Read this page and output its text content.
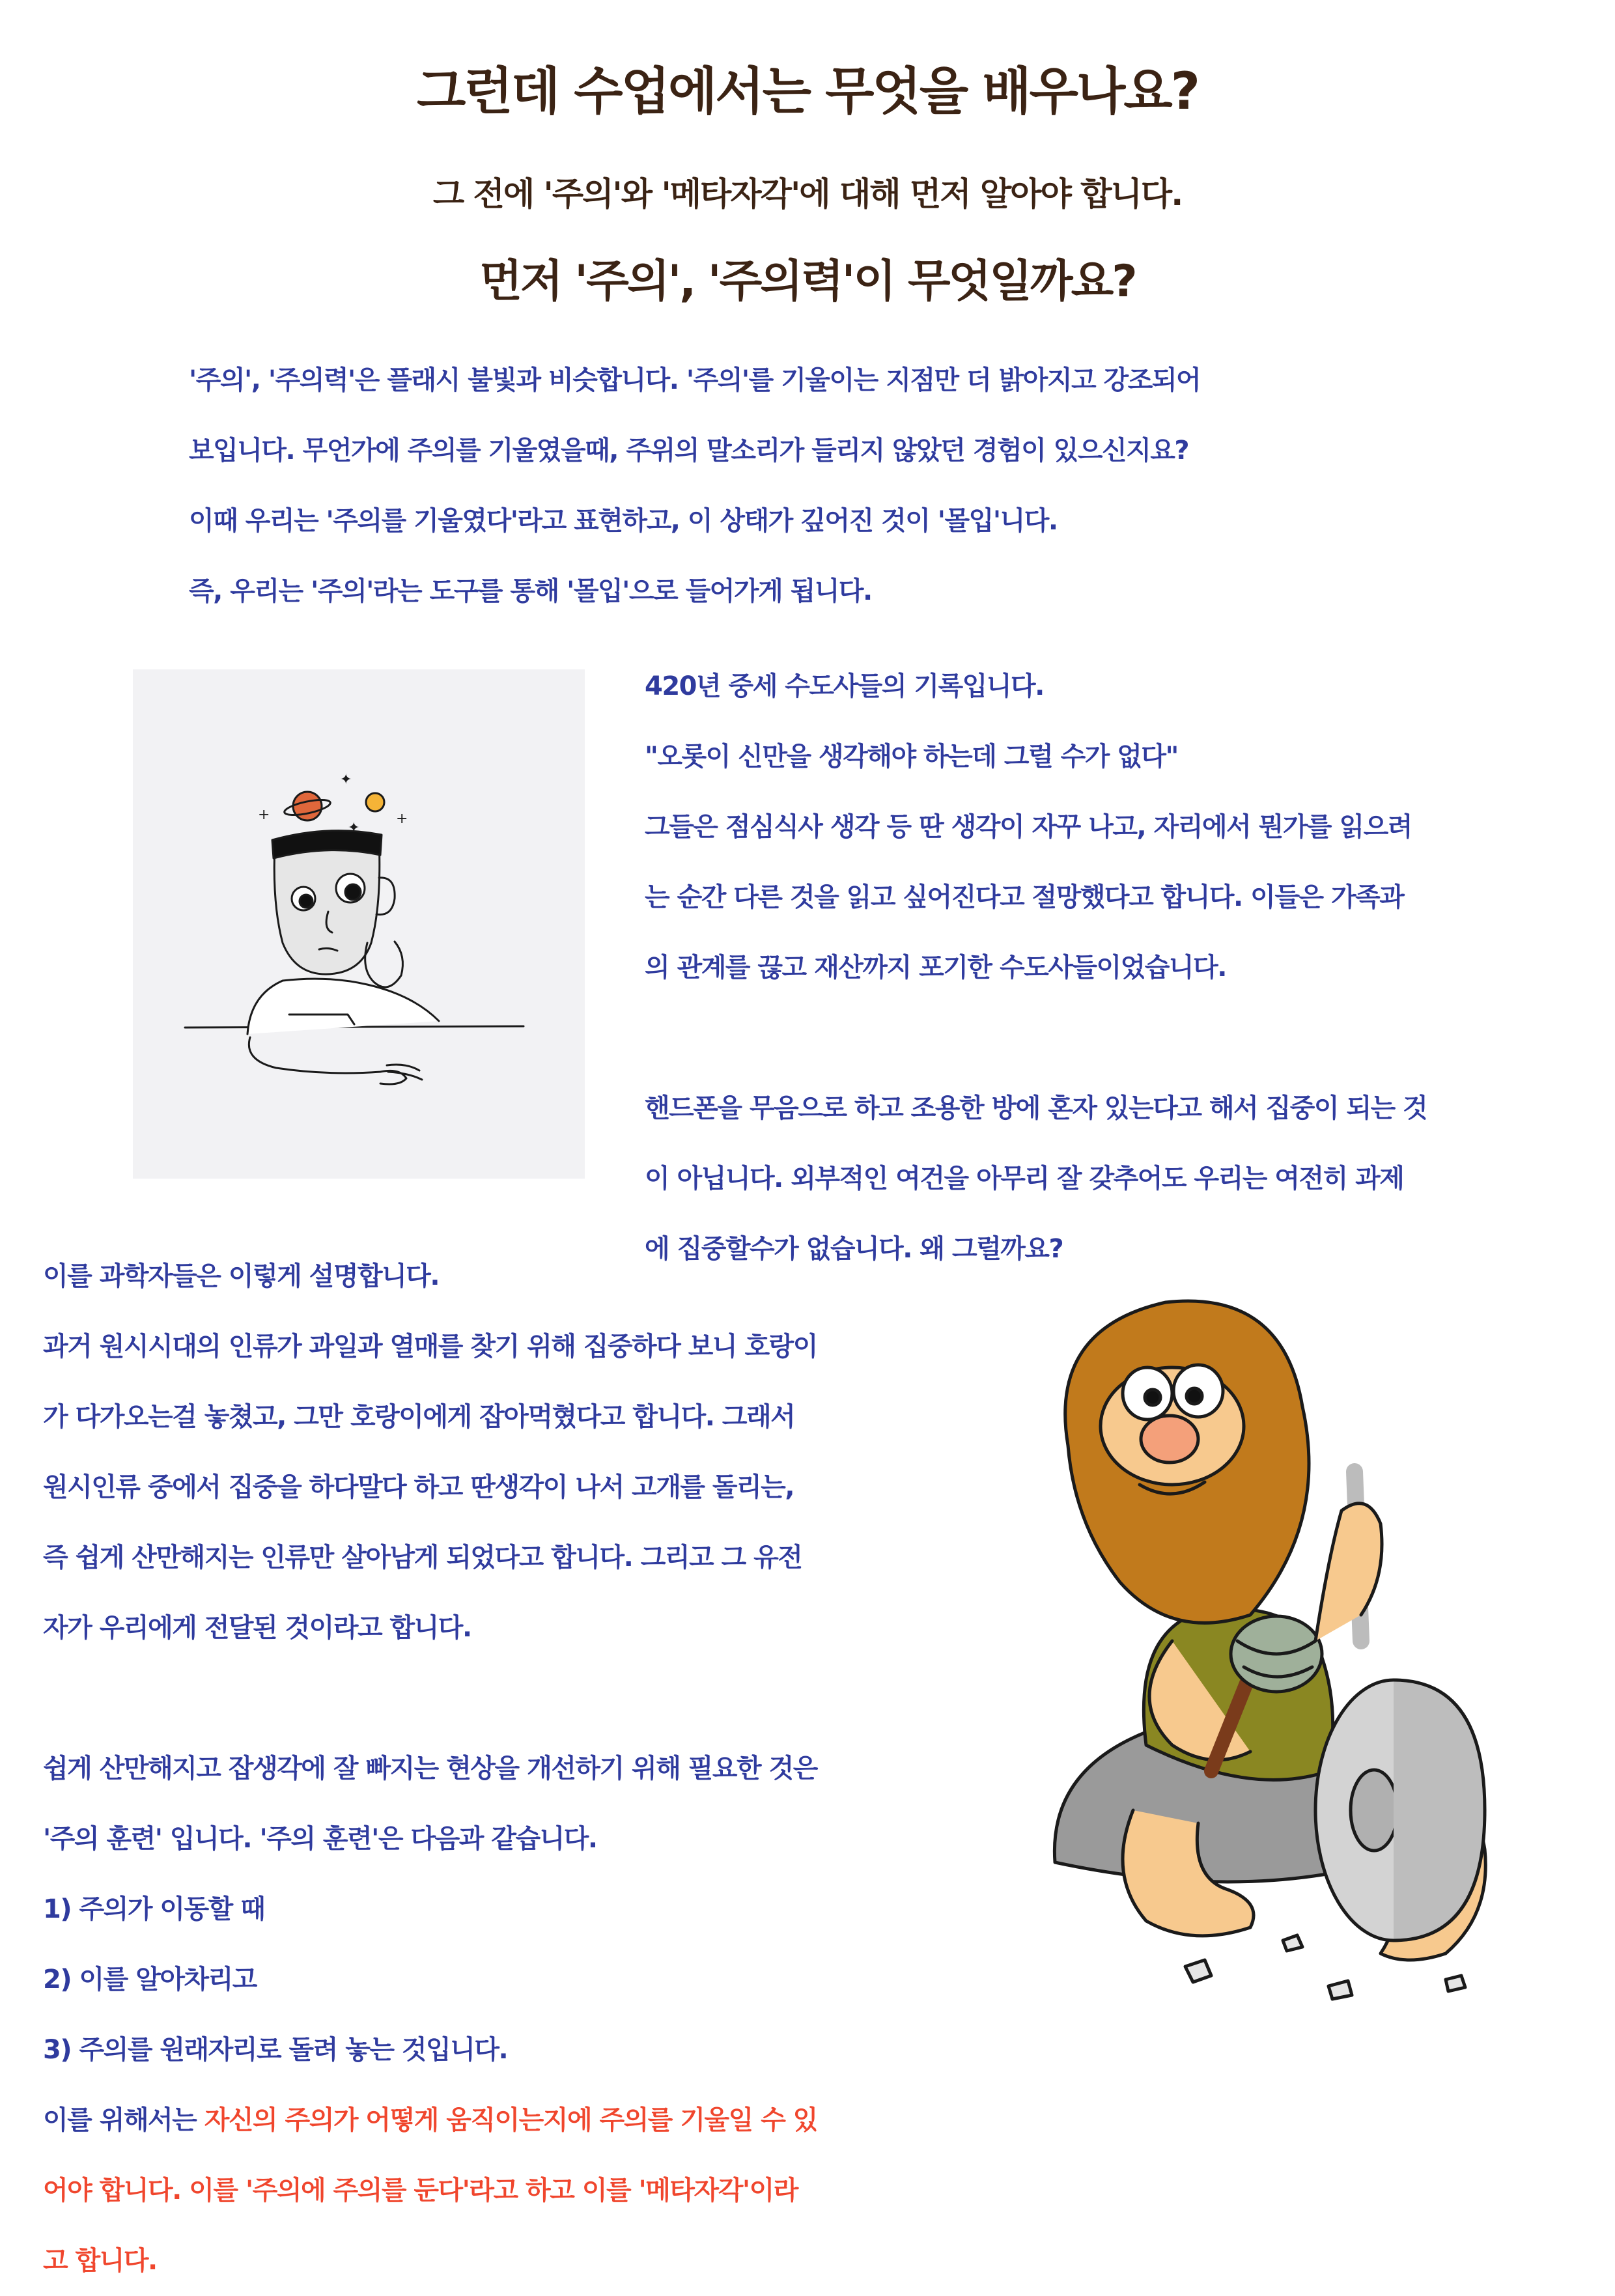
그런데 수업에서는 무엇을 배우나요?
그 전에 '주의'와 '메타자각'에 대해 먼저 알아야 합니다.
먼저 '주의', '주의력'이 무엇일까요?
'주의', '주의력'은 플래시 불빛과 비슷합니다. '주의'를 기울이는 지점만 더 밝아지고 강조되어
보입니다. 무언가에 주의를 기울였을때, 주위의 말소리가 들리지 않았던 경험이 있으신지요?
이때 우리는 '주의를 기울였다'라고 표현하고, 이 상태가 깊어진 것이 '몰입'니다.
즉, 우리는 '주의'라는 도구를 통해 '몰입'으로 들어가게 됩니다.
+
✦
+
✦
420년 중세 수도사들의 기록입니다.
"오롯이 신만을 생각해야 하는데 그럴 수가 없다"
그들은 점심식사 생각 등 딴 생각이 자꾸 나고, 자리에서 뭔가를 읽으려
는 순간 다른 것을 읽고 싶어진다고 절망했다고 합니다. 이들은 가족과
의 관계를 끊고 재산까지 포기한 수도사들이었습니다.
핸드폰을 무음으로 하고 조용한 방에 혼자 있는다고 해서 집중이 되는 것
이 아닙니다. 외부적인 여건을 아무리 잘 갖추어도 우리는 여전히 과제
에 집중할수가 없습니다. 왜 그럴까요?
이를 과학자들은 이렇게 설명합니다.
과거 원시시대의 인류가 과일과 열매를 찾기 위해 집중하다 보니 호랑이
가 다가오는걸 놓쳤고, 그만 호랑이에게 잡아먹혔다고 합니다. 그래서
원시인류 중에서 집중을 하다말다 하고 딴생각이 나서 고개를 돌리는,
즉 쉽게 산만해지는 인류만 살아남게 되었다고 합니다. 그리고 그 유전
자가 우리에게 전달된 것이라고 합니다.
쉽게 산만해지고 잡생각에 잘 빠지는 현상을 개선하기 위해 필요한 것은
'주의 훈련' 입니다. '주의 훈련'은 다음과 같습니다.
1) 주의가 이동할 때
2) 이를 알아차리고
3) 주의를 원래자리로 돌려 놓는 것입니다.
이를 위해서는 자신의 주의가 어떻게 움직이는지에 주의를 기울일 수 있
어야 합니다. 이를 '주의에 주의를 둔다'라고 하고 이를 '메타자각'이라
고 합니다.
